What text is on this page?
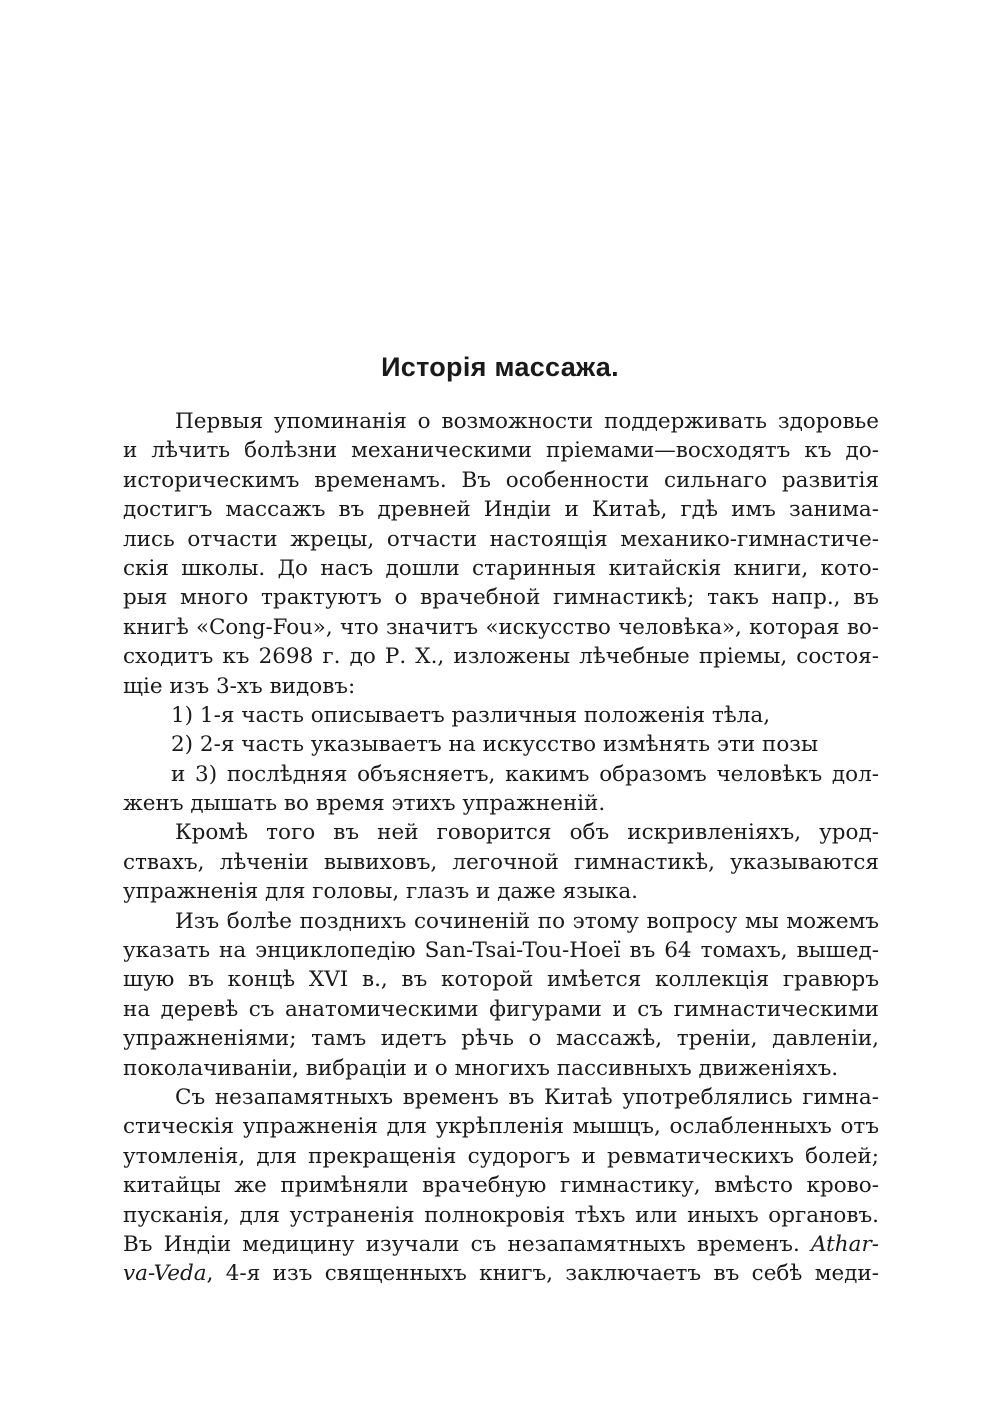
Исторія массажа.
Первыя упоминанія о возможности поддерживать здоровье
и лѣчить болѣзни механическими пріемами—восходятъ къ до-
историческимъ временамъ. Въ особенности сильнаго развитія
достигъ массажъ въ древней Индіи и Китаѣ, гдѣ имъ занима-
лись отчасти жрецы, отчасти настоящія механико-гимнастиче-
скія школы. До насъ дошли старинныя китайскія книги, кото-
рыя много трактуютъ о врачебной гимнастикѣ; такъ напр., въ
книгѣ «Cong-Fou», что значитъ «искусство человѣка», которая во-
сходитъ къ 2698 г. до Р. Х., изложены лѣчебные пріемы, состоя-
щіе изъ 3-хъ видовъ:
1) 1-я часть описываетъ различныя положенія тѣла,
2) 2-я часть указываетъ на искусство измѣнять эти позы
и 3) послѣдняя объясняетъ, какимъ образомъ человѣкъ дол-
женъ дышать во время этихъ упражненій.
Кромѣ того въ ней говорится объ искривленіяхъ, урод-
ствахъ, лѣченіи вывиховъ, легочной гимнастикѣ, указываются
упражненія для головы, глазъ и даже языка.
Изъ болѣе позднихъ сочиненій по этому вопросу мы можемъ
указать на энциклопедію San-Tsai-Tou-Hoeï въ 64 томахъ, вышед-
шую въ концѣ XVI в., въ которой имѣется коллекція гравюръ
на деревѣ съ анатомическими фигурами и съ гимнастическими
упражненіями; тамъ идетъ рѣчь о массажѣ, треніи, давленіи,
поколачиваніи, вибраціи и о многихъ пассивныхъ движеніяхъ.
Съ незапамятныхъ временъ въ Китаѣ употреблялись гимна-
стическія упражненія для укрѣпленія мышцъ, ослабленныхъ отъ
утомленія, для прекращенія судорогъ и ревматическихъ болей;
китайцы же примѣняли врачебную гимнастику, вмѣсто крово-
пусканія, для устраненія полнокровія тѣхъ или иныхъ органовъ.
Въ Индіи медицину изучали съ незапамятныхъ временъ. Athar-
va-Veda, 4-я изъ священныхъ книгъ, заключаетъ въ себѣ меди-
